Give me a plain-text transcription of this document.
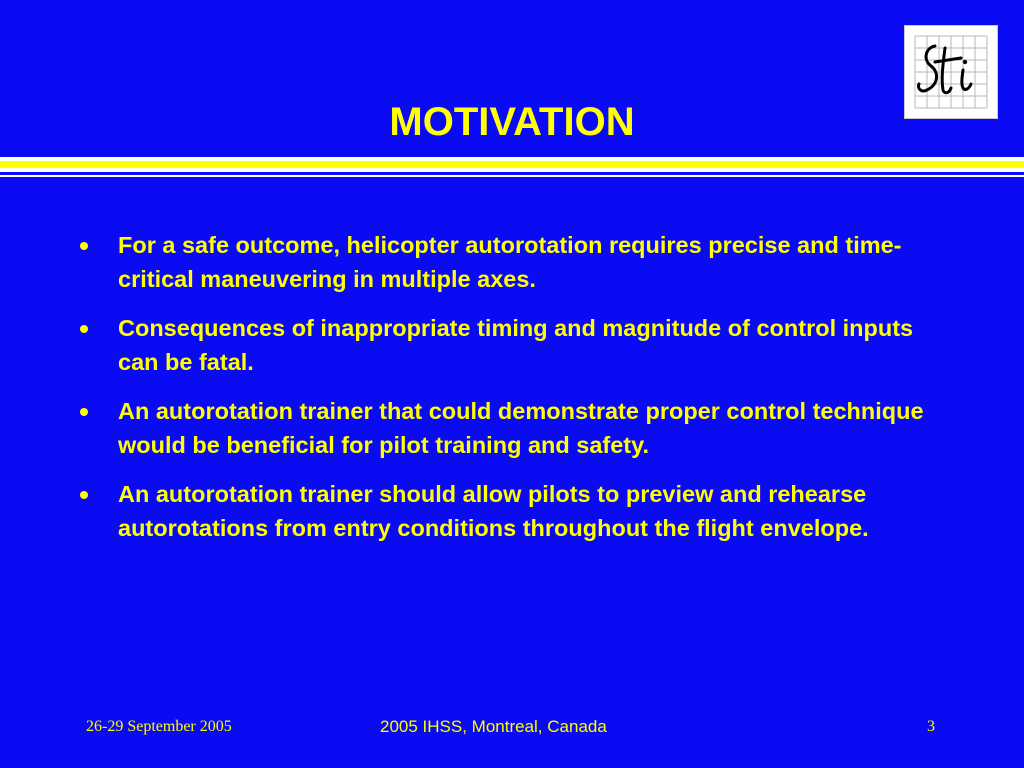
MOTIVATION
For a safe outcome, helicopter autorotation requires precise and time-critical maneuvering in multiple axes.
Consequences of inappropriate timing and magnitude of control inputs can be fatal.
An autorotation trainer that could demonstrate proper control technique would be beneficial for pilot training and safety.
An autorotation trainer should allow pilots to preview and rehearse autorotations from entry conditions throughout the flight envelope.
26-29 September 2005	2005 IHSS, Montreal, Canada	3
